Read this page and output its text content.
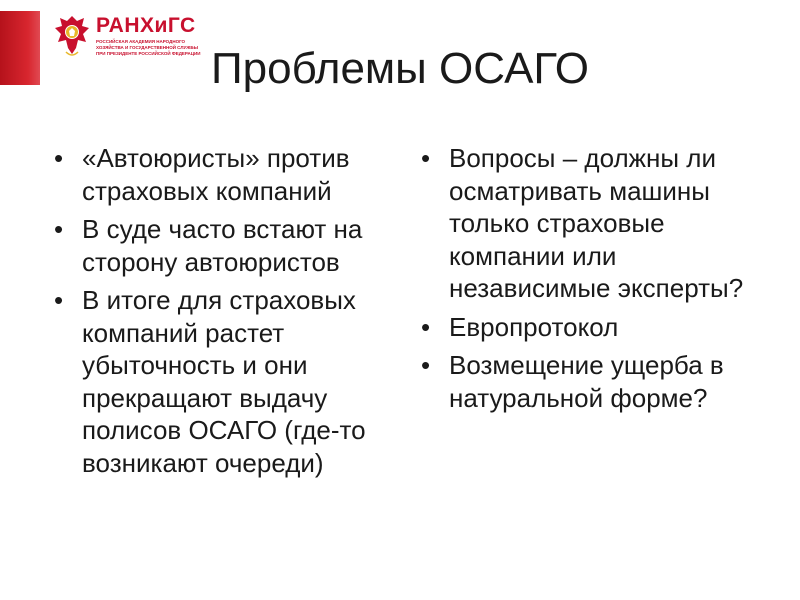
РАНХиГС
РОССИЙСКАЯ АКАДЕМИЯ НАРОДНОГО ХОЗЯЙСТВА И ГОСУДАРСТВЕННОЙ СЛУЖБЫ ПРИ ПРЕЗИДЕНТЕ РОССИЙСКОЙ ФЕДЕРАЦИИ Проблемы ОСАГО
• «Автоюристы» против страховых компаний
• В суде часто встают на сторону автоюристов
• В итоге для страховых компаний растет убыточность и они прекращают выдачу полисов ОСАГО (где-то возникают очереди)
• Вопросы – должны ли осматривать машины только страховые компании или независимые эксперты?
• Европротокол
• Возмещение ущерба в натуральной форме?
